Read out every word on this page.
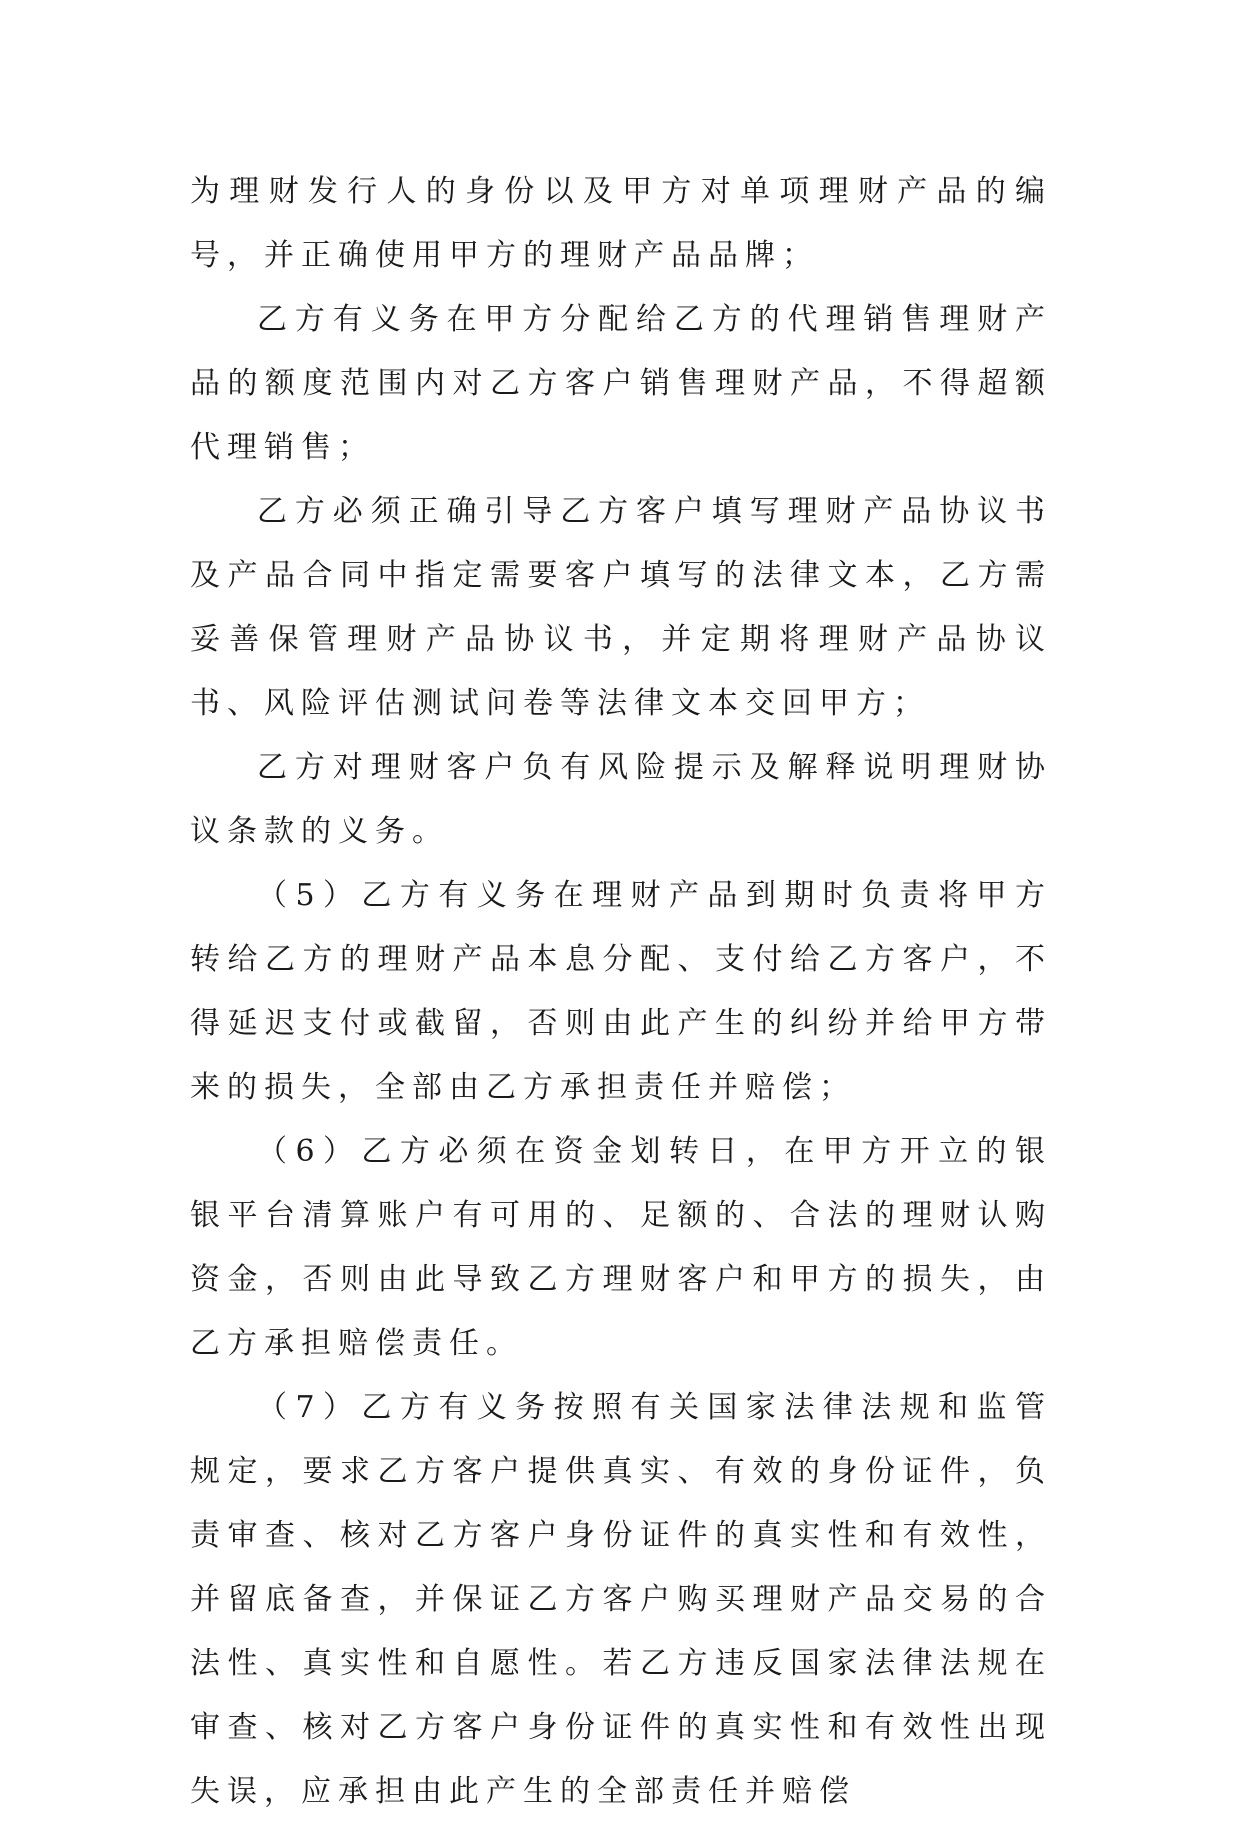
为理财发行人的身份以及甲方对单项理财产品的编号，并正确使用甲方的理财产品品牌；

乙方有义务在甲方分配给乙方的代理销售理财产品的额度范围内对乙方客户销售理财产品，不得超额代理销售；

乙方必须正确引导乙方客户填写理财产品协议书及产品合同中指定需要客户填写的法律文本，乙方需妥善保管理财产品协议书，并定期将理财产品协议书、风险评估测试问卷等法律文本交回甲方；

乙方对理财客户负有风险提示及解释说明理财协议条款的义务。

（5）乙方有义务在理财产品到期时负责将甲方转给乙方的理财产品本息分配、支付给乙方客户，不得延迟支付或截留，否则由此产生的纠纷并给甲方带来的损失，全部由乙方承担责任并赔偿；

（6）乙方必须在资金划转日，在甲方开立的银银平台清算账户有可用的、足额的、合法的理财认购资金，否则由此导致乙方理财客户和甲方的损失，由乙方承担赔偿责任。

（7）乙方有义务按照有关国家法律法规和监管规定，要求乙方客户提供真实、有效的身份证件，负责审查、核对乙方客户身份证件的真实性和有效性，并留底备查，并保证乙方客户购买理财产品交易的合法性、真实性和自愿性。若乙方违反国家法律法规在审查、核对乙方客户身份证件的真实性和有效性出现失误，应承担由此产生的全部责任并赔偿
